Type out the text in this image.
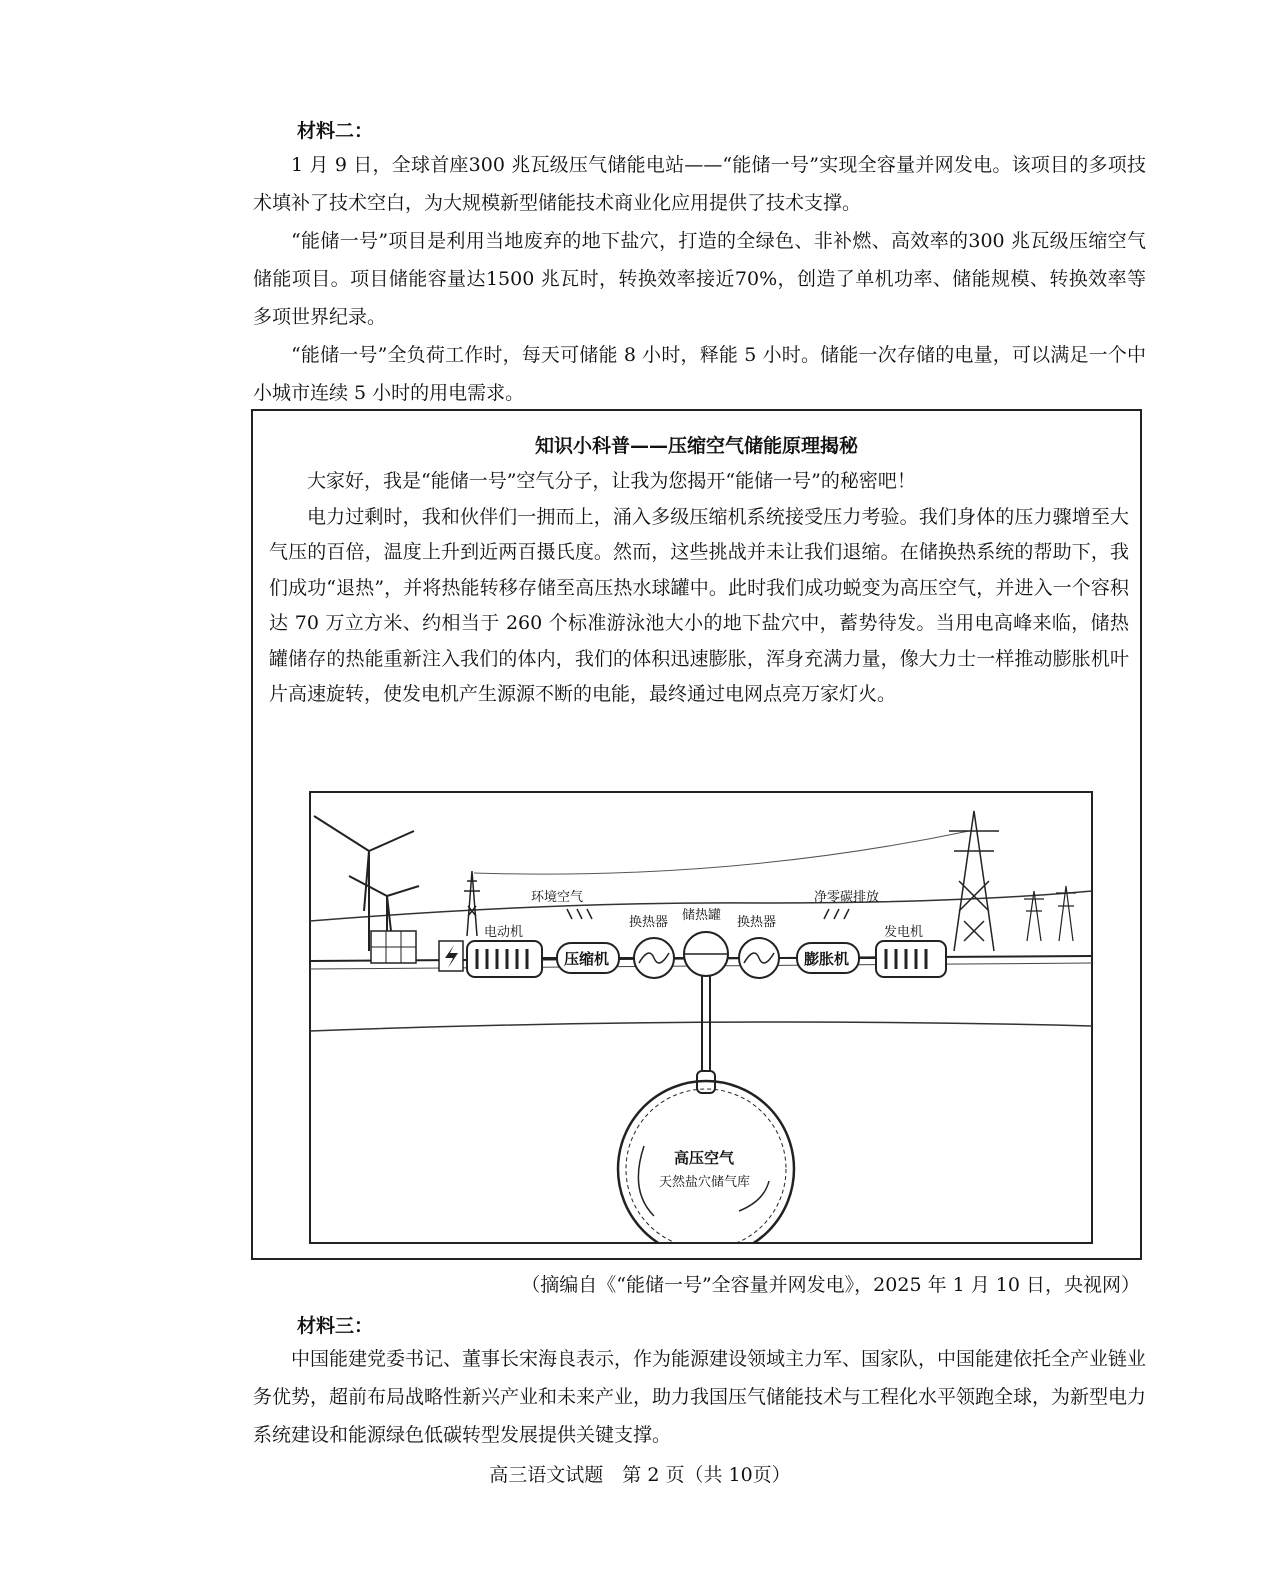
材料二：

1 月 9 日，全球首座300 兆瓦级压气储能电站——“能储一号”实现全容量并网发电。该项目的多项技术填补了技术空白，为大规模新型储能技术商业化应用提供了技术支撑。

“能储一号”项目是利用当地废弃的地下盐穴，打造的全绿色、非补燃、高效率的300 兆瓦级压缩空气储能项目。项目储能容量达1500 兆瓦时，转换效率接近70%，创造了单机功率、储能规模、转换效率等多项世界纪录。

“能储一号”全负荷工作时，每天可储能 8 小时，释能 5 小时。储能一次存储的电量，可以满足一个中小城市连续 5 小时的用电需求。

知识小科普——压缩空气储能原理揭秘

大家好，我是“能储一号”空气分子，让我为您揭开“能储一号”的秘密吧！

电力过剩时，我和伙伴们一拥而上，涌入多级压缩机系统接受压力考验。我们身体的压力骤增至大气压的百倍，温度上升到近两百摄氏度。然而，这些挑战并未让我们退缩。在储换热系统的帮助下，我们成功“退热”，并将热能转移存储至高压热水球罐中。此时我们成功蜕变为高压空气，并进入一个容积达 70 万立方米、约相当于 260 个标准游泳池大小的地下盐穴中，蓄势待发。当用电高峰来临，储热罐储存的热能重新注入我们的体内，我们的体积迅速膨胀，浑身充满力量，像大力士一样推动膨胀机叶片高速旋转，使发电机产生源源不断的电能，最终通过电网点亮万家灯火。

电动机
环境空气
压缩机
换热器 储热罐 换热器
净零碳排放
膨胀机
发电机
高压空气
天然盐穴储气库
（摘编自《“能储一号”全容量并网发电》，2025 年 1 月 10 日，央视网）
材料三：

中国能建党委书记、董事长宋海良表示，作为能源建设领域主力军、国家队，中国能建依托全产业链业务优势，超前布局战略性新兴产业和未来产业，助力我国压气储能技术与工程化水平领跑全球，为新型电力系统建设和能源绿色低碳转型发展提供关键支撑。

高三语文试题　第 2 页（共 10页）
